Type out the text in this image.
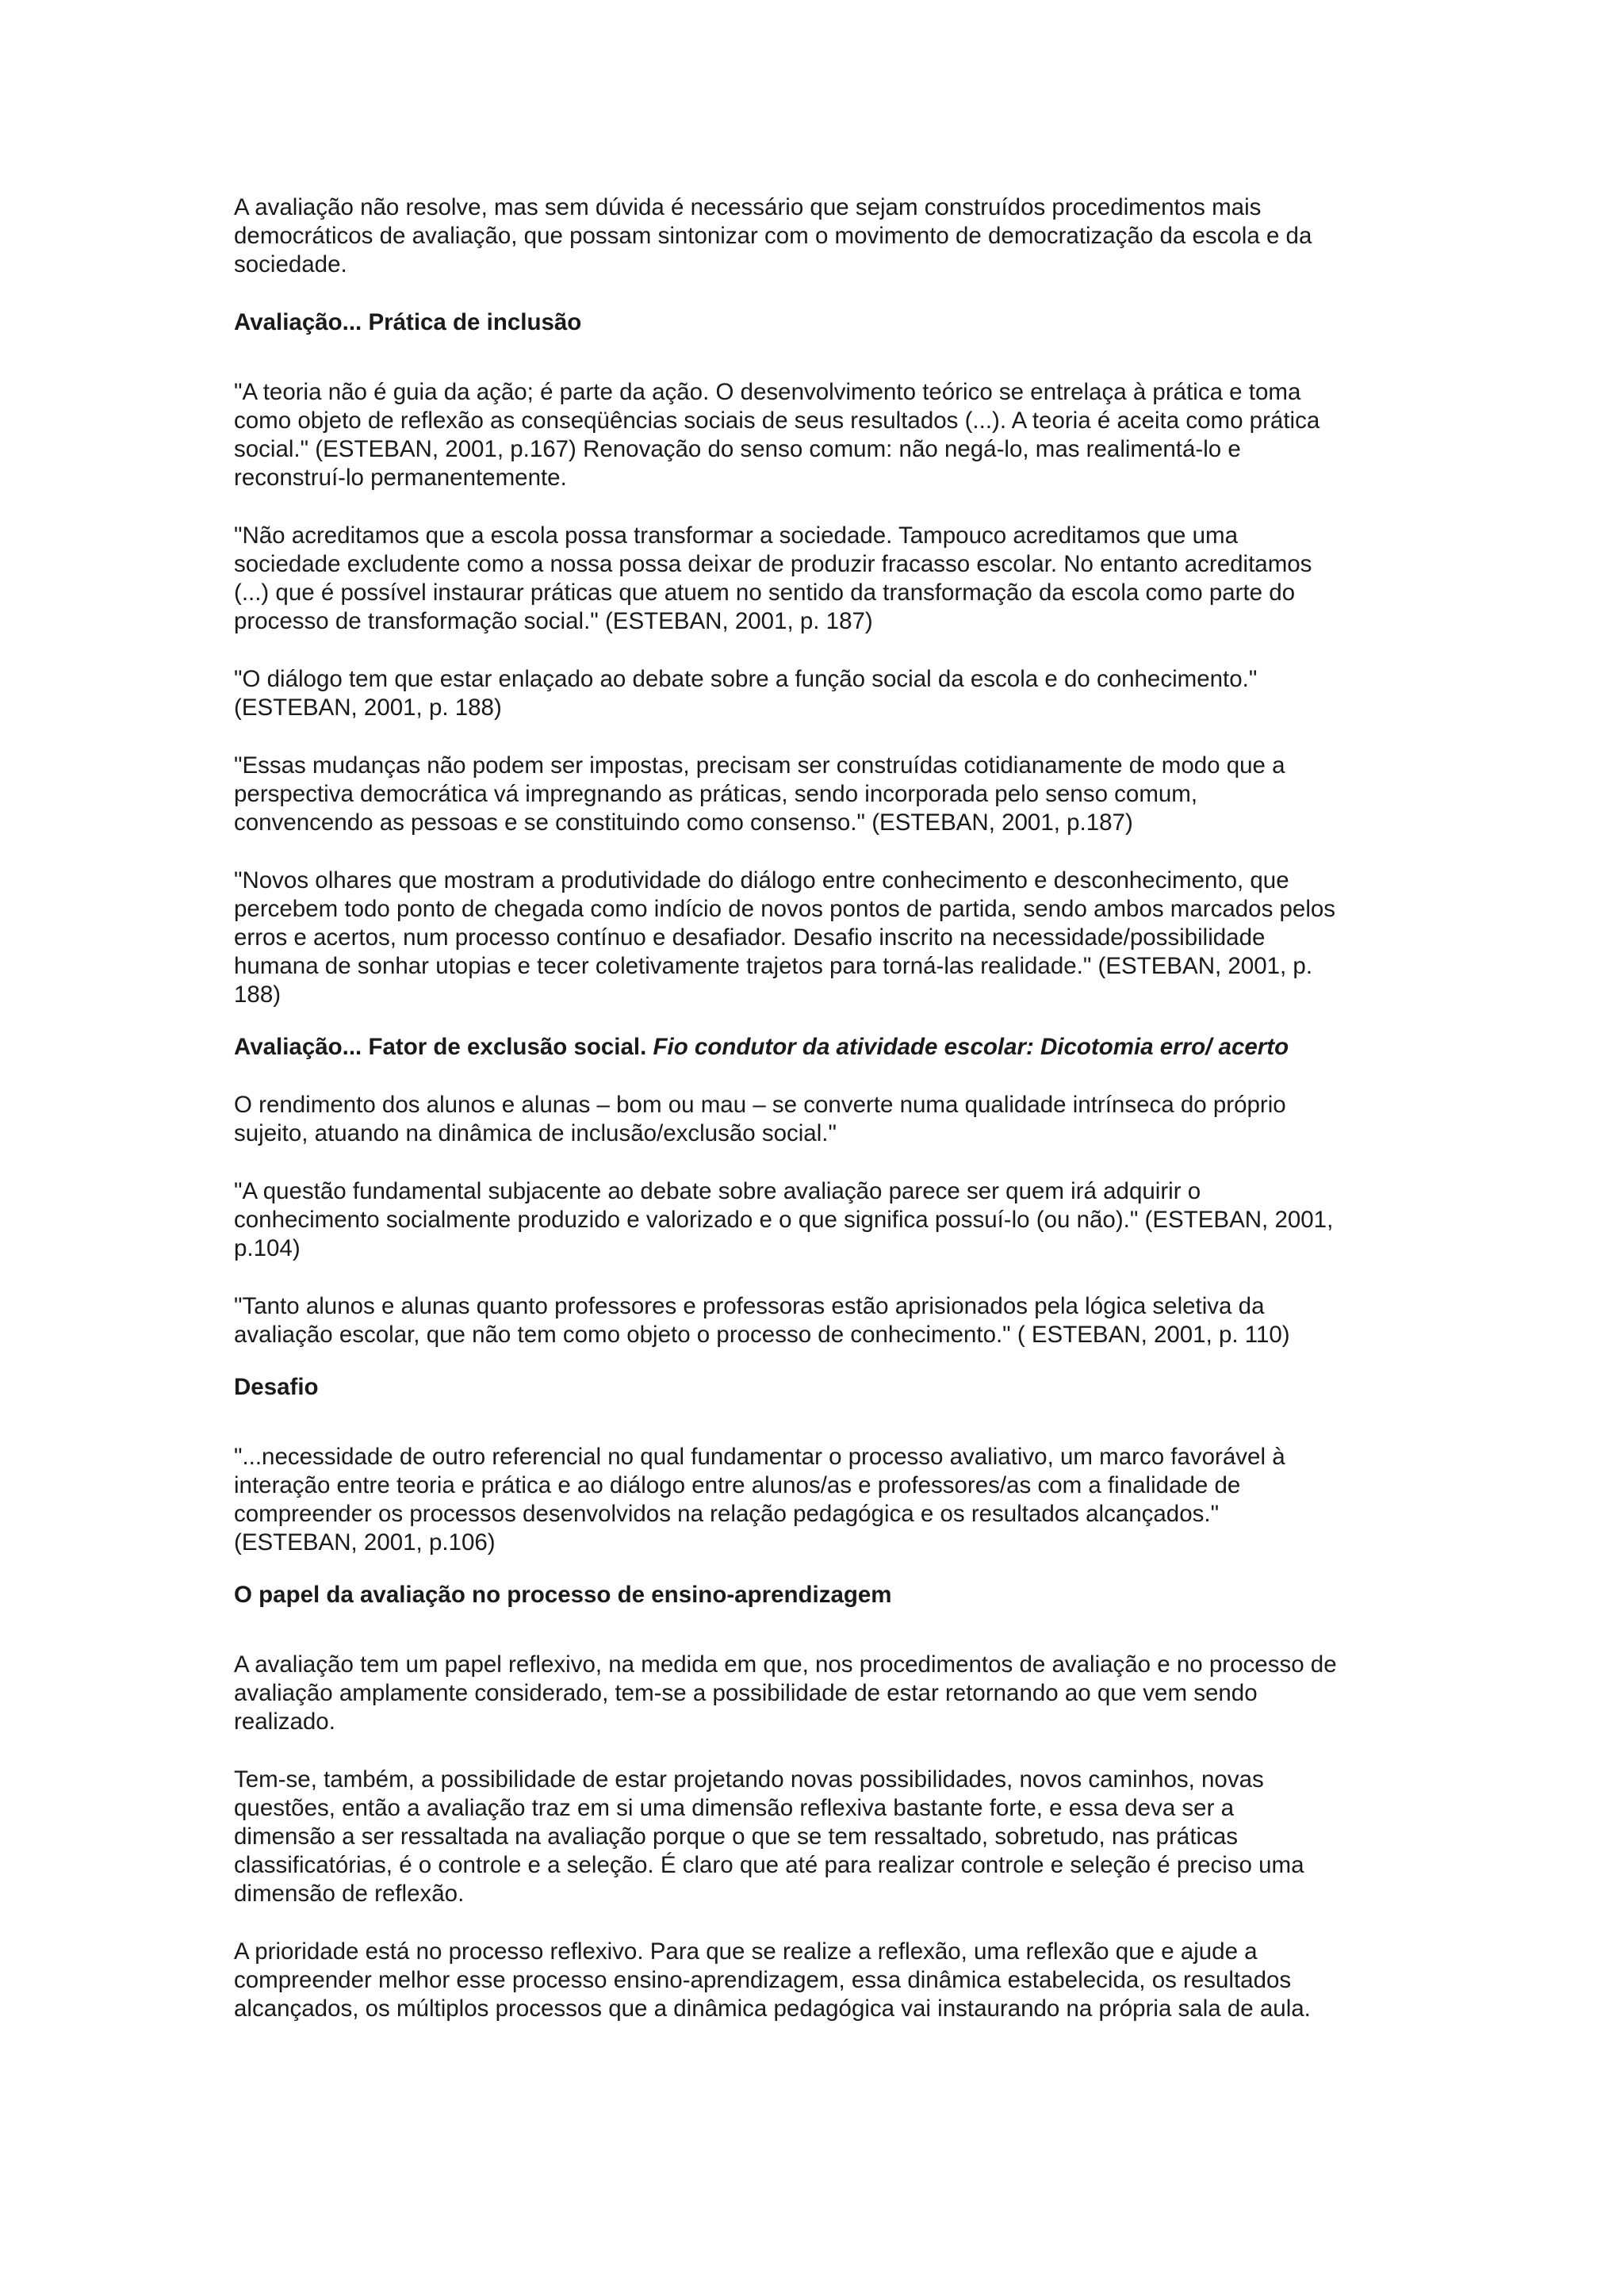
A avaliação não resolve, mas sem dúvida é necessário que sejam construídos procedimentos mais
democráticos de avaliação, que possam sintonizar com o movimento de democratização da escola e da
sociedade.

Avaliação... Prática de inclusão

"A teoria não é guia da ação; é parte da ação. O desenvolvimento teórico se entrelaça à prática e toma
como objeto de reflexão as conseqüências sociais de seus resultados (...). A teoria é aceita como prática
social." (ESTEBAN, 2001, p.167) Renovação do senso comum: não negá-lo, mas realimentá-lo e
reconstruí-lo permanentemente.

"Não acreditamos que a escola possa transformar a sociedade. Tampouco acreditamos que uma
sociedade excludente como a nossa possa deixar de produzir fracasso escolar. No entanto acreditamos
(...) que é possível instaurar práticas que atuem no sentido da transformação da escola como parte do
processo de transformação social." (ESTEBAN, 2001, p. 187)

"O diálogo tem que estar enlaçado ao debate sobre a função social da escola e do conhecimento."
(ESTEBAN, 2001, p. 188)

"Essas mudanças não podem ser impostas, precisam ser construídas cotidianamente de modo que a
perspectiva democrática vá impregnando as práticas, sendo incorporada pelo senso comum,
convencendo as pessoas e se constituindo como consenso." (ESTEBAN, 2001, p.187)

"Novos olhares que mostram a produtividade do diálogo entre conhecimento e desconhecimento, que
percebem todo ponto de chegada como indício de novos pontos de partida, sendo ambos marcados pelos
erros e acertos, num processo contínuo e desafiador. Desafio inscrito na necessidade/possibilidade
humana de sonhar utopias e tecer coletivamente trajetos para torná-las realidade." (ESTEBAN, 2001, p.
188)

Avaliação... Fator de exclusão social. Fio condutor da atividade escolar: Dicotomia erro/ acerto

O rendimento dos alunos e alunas – bom ou mau – se converte numa qualidade intrínseca do próprio
sujeito, atuando na dinâmica de inclusão/exclusão social."

"A questão fundamental subjacente ao debate sobre avaliação parece ser quem irá adquirir o
conhecimento socialmente produzido e valorizado e o que significa possuí-lo (ou não)." (ESTEBAN, 2001,
p.104)

"Tanto alunos e alunas quanto professores e professoras estão aprisionados pela lógica seletiva da
avaliação escolar, que não tem como objeto o processo de conhecimento." ( ESTEBAN, 2001, p. 110)

Desafio

"...necessidade de outro referencial no qual fundamentar o processo avaliativo, um marco favorável à
interação entre teoria e prática e ao diálogo entre alunos/as e professores/as com a finalidade de
compreender os processos desenvolvidos na relação pedagógica e os resultados alcançados."
(ESTEBAN, 2001, p.106)

O papel da avaliação no processo de ensino-aprendizagem

A avaliação tem um papel reflexivo, na medida em que, nos procedimentos de avaliação e no processo de
avaliação amplamente considerado, tem-se a possibilidade de estar retornando ao que vem sendo
realizado.

Tem-se, também, a possibilidade de estar projetando novas possibilidades, novos caminhos, novas
questões, então a avaliação traz em si uma dimensão reflexiva bastante forte, e essa deva ser a
dimensão a ser ressaltada na avaliação porque o que se tem ressaltado, sobretudo, nas práticas
classificatórias, é o controle e a seleção. É claro que até para realizar controle e seleção é preciso uma
dimensão de reflexão.

A prioridade está no processo reflexivo. Para que se realize a reflexão, uma reflexão que e ajude a
compreender melhor esse processo ensino-aprendizagem, essa dinâmica estabelecida, os resultados
alcançados, os múltiplos processos que a dinâmica pedagógica vai instaurando na própria sala de aula.
